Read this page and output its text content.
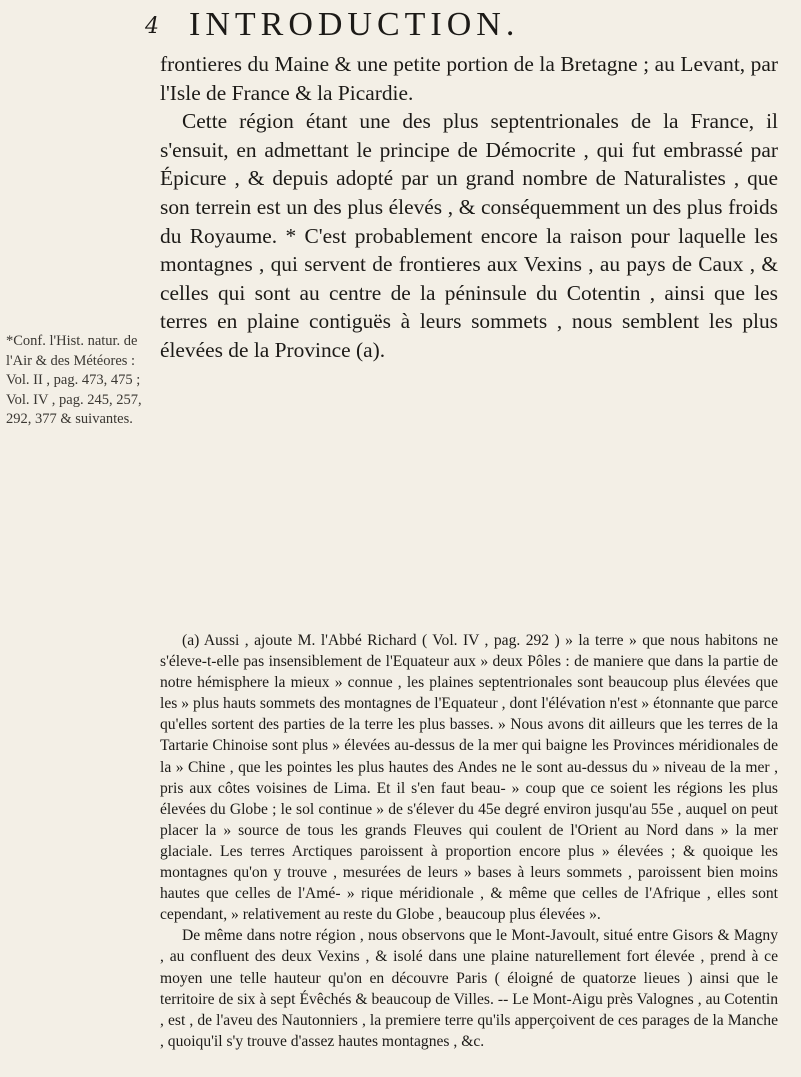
4 INTRODUCTION.

frontieres du Maine & une petite portion de la Bretagne ; au Levant, par l'Isle de France & la Picardie.

Cette région étant une des plus septentrionales de la France, il s'ensuit, en admettant le principe de Démocrite , qui fut embrassé par Épicure , & depuis adopté par un grand nombre de Naturalistes , que son terrein est un des plus élevés , & conséquemment un des plus froids du Royaume. * C'est probablement encore la raison pour laquelle les montagnes , qui servent de frontieres aux Vexins , au pays de Caux , & celles qui sont au centre de la péninsule du Cotentin , ainsi que les terres en plaine contiguës à leurs sommets , nous semblent les plus élevées de la Province (a).

*Conf. l'Hist. natur. de l'Air & des Météores : Vol. II , pag. 473, 475 ; Vol. IV , pag. 245, 257, 292, 377 & suivantes.

(a) Aussi , ajoute M. l'Abbé Richard ( Vol. IV , pag. 292 ) » la terre » que nous habitons ne s'éleve-t-elle pas insensiblement de l'Equateur aux » deux Pôles : de maniere que dans la partie de notre hémisphere la mieux » connue , les plaines septentrionales sont beaucoup plus élevées que les » plus hauts sommets des montagnes de l'Equateur , dont l'élévation n'est » étonnante que parce qu'elles sortent des parties de la terre les plus basses. » Nous avons dit ailleurs que les terres de la Tartarie Chinoise sont plus » élevées au-dessus de la mer qui baigne les Provinces méridionales de la » Chine , que les pointes les plus hautes des Andes ne le sont au-dessus du » niveau de la mer , pris aux côtes voisines de Lima. Et il s'en faut beau- » coup que ce soient les régions les plus élevées du Globe ; le sol continue » de s'élever du 45e degré environ jusqu'au 55e , auquel on peut placer la » source de tous les grands Fleuves qui coulent de l'Orient au Nord dans » la mer glaciale. Les terres Arctiques paroissent à proportion encore plus » élevées ; & quoique les montagnes qu'on y trouve , mesurées de leurs » bases à leurs sommets , paroissent bien moins hautes que celles de l'Amé- » rique méridionale , & même que celles de l'Afrique , elles sont cependant, » relativement au reste du Globe , beaucoup plus élevées ».

De même dans notre région , nous observons que le Mont-Javoult, situé entre Gisors & Magny , au confluent des deux Vexins , & isolé dans une plaine naturellement fort élevée , prend à ce moyen une telle hauteur qu'on en découvre Paris ( éloigné de quatorze lieues ) ainsi que le territoire de six à sept Évêchés & beaucoup de Villes. -- Le Mont-Aigu près Valognes , au Cotentin , est , de l'aveu des Nautonniers , la premiere terre qu'ils apperçoivent de ces parages de la Manche , quoiqu'il s'y trouve d'assez hautes montagnes , &c.
